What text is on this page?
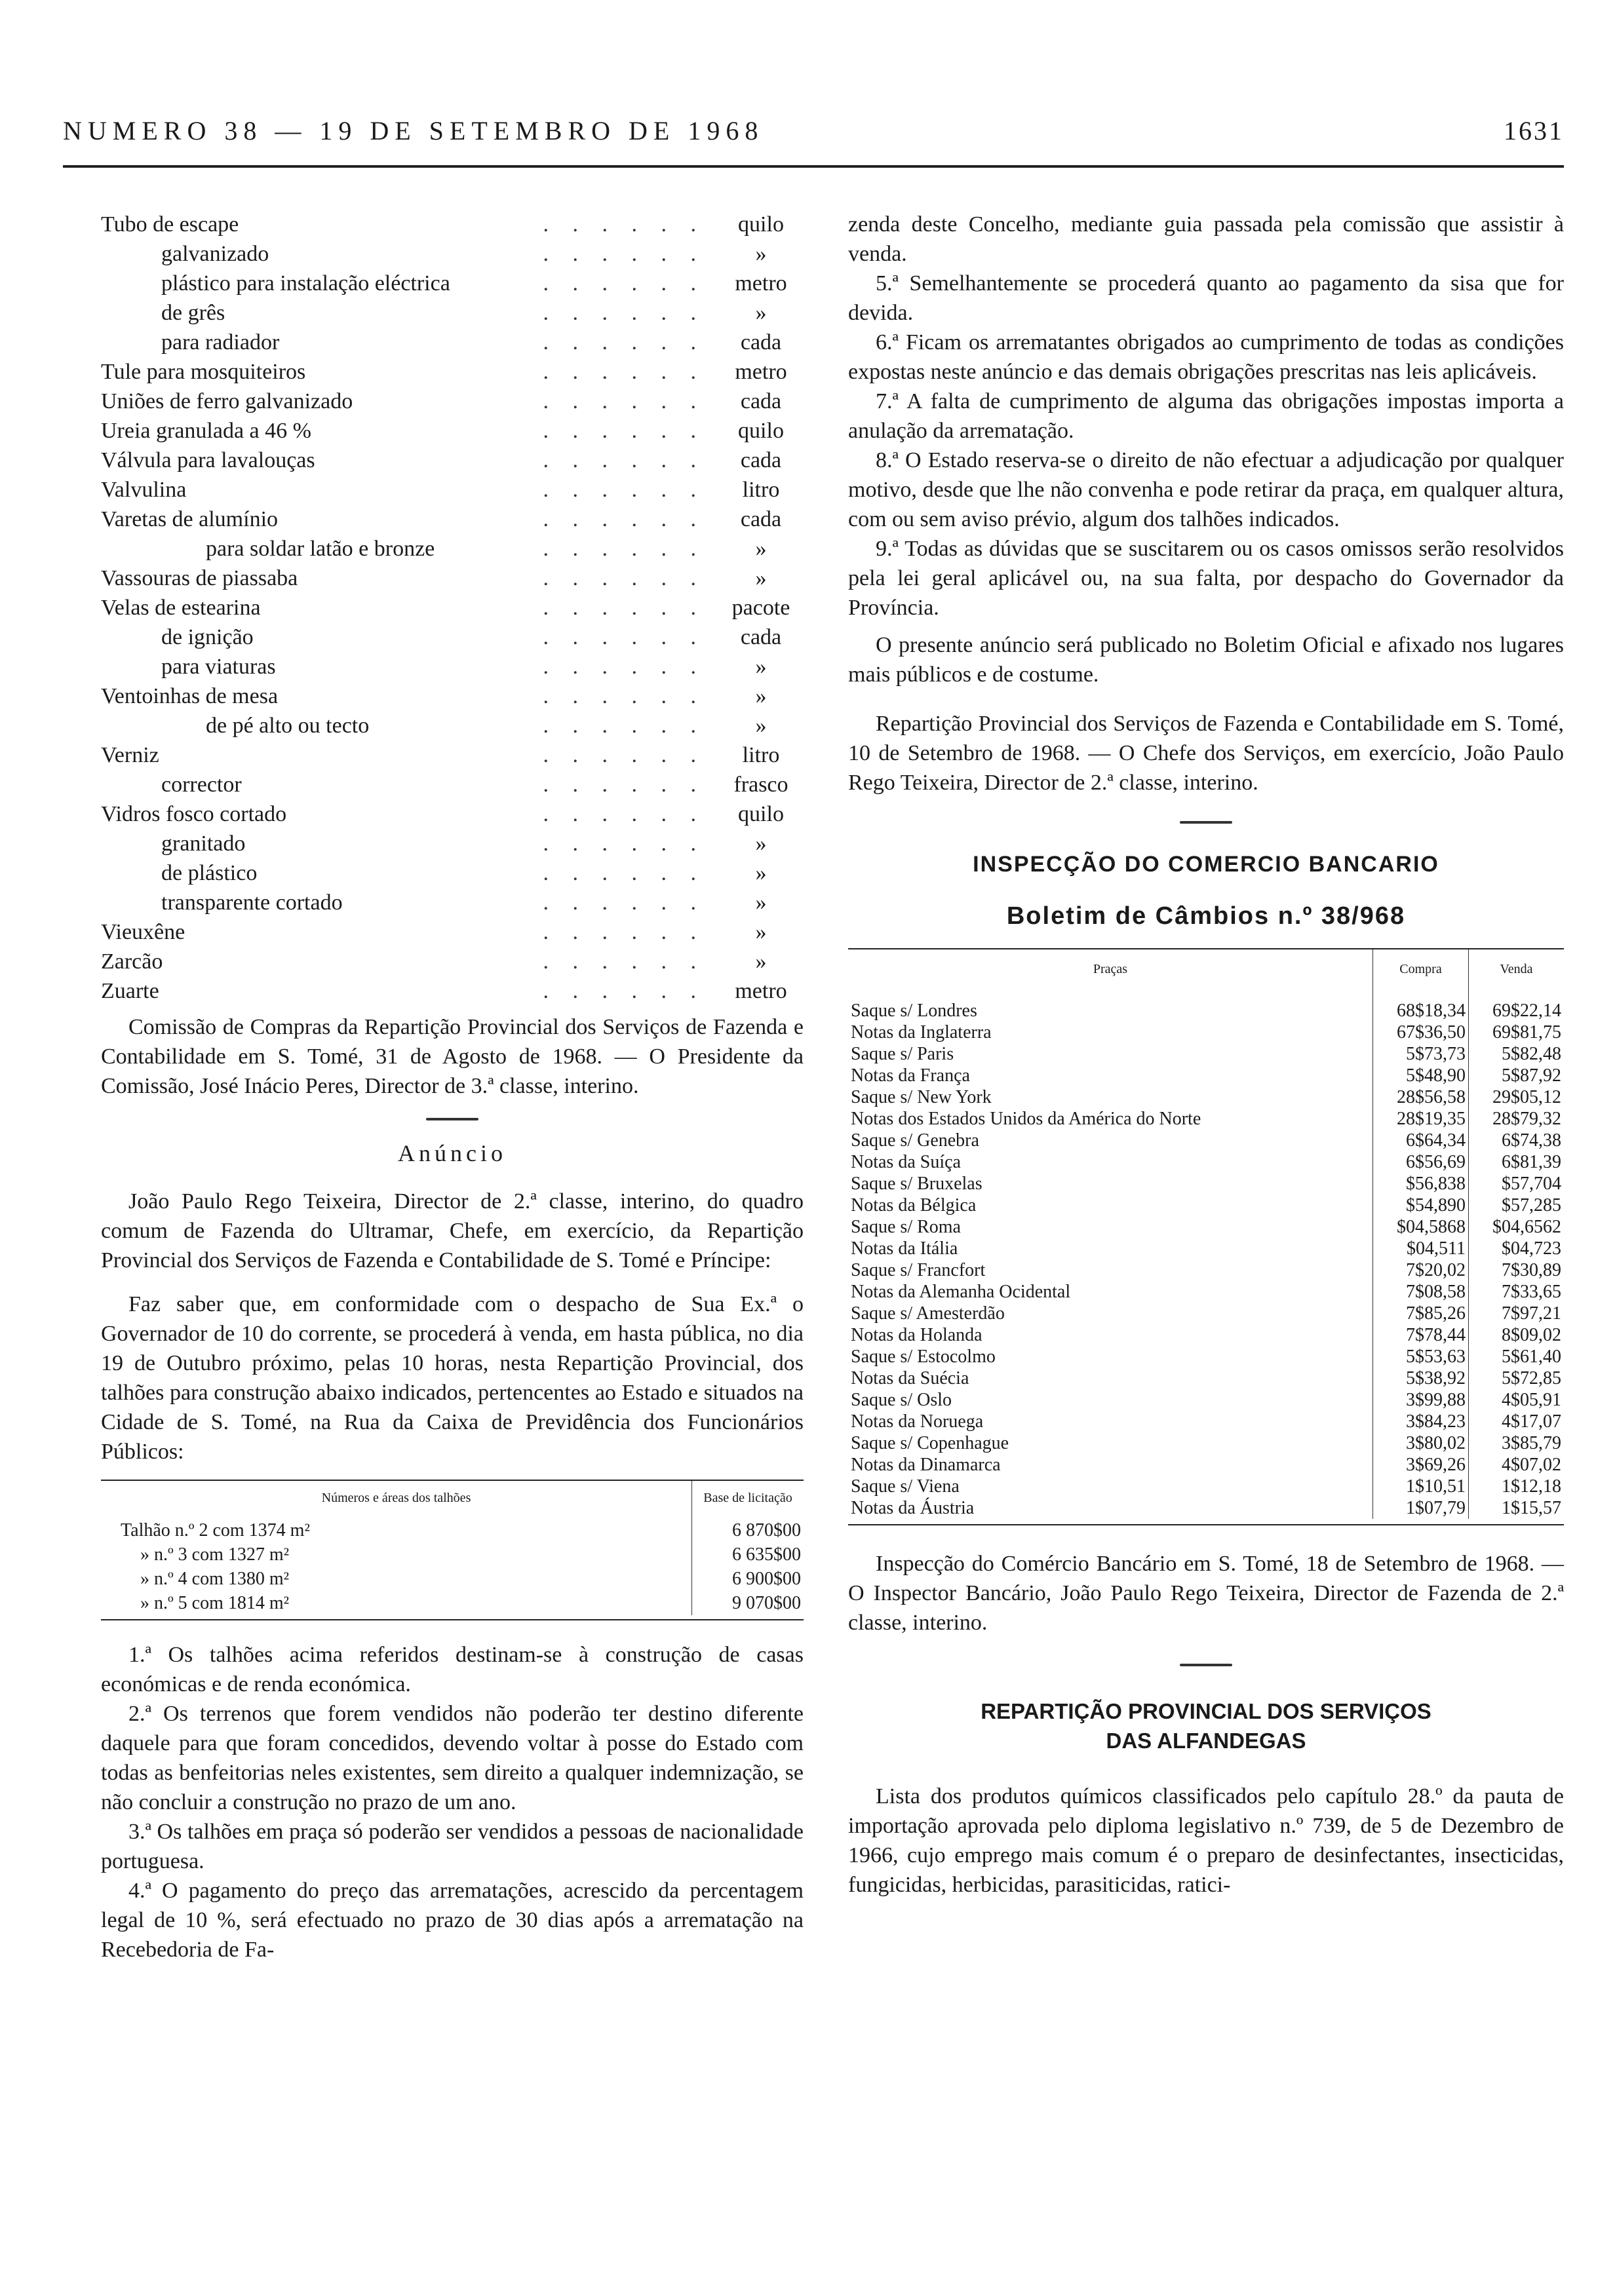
NUMERO 38 — 19 DE SETEMBRO DE 1968	1631
Tubo de escape	. . . . . .	quilo
galvanizado	. . . . . .	»
plástico para instalação eléctrica	. . . . . .	metro
de grês	. . . . . .	»
para radiador	. . . . . .	cada
Tule para mosquiteiros	. . . . . .	metro
Uniões de ferro galvanizado	. . . . . .	cada
Ureia granulada a 46 %	. . . . . .	quilo
Válvula para lavalouças	. . . . . .	cada
Valvulina	. . . . . .	litro
Varetas de alumínio	. . . . . .	cada
para soldar latão e bronze	. . . . . .	»
Vassouras de piassaba	. . . . . .	»
Velas de estearina	. . . . . .	pacote
de ignição	. . . . . .	cada
para viaturas	. . . . . .	»
Ventoinhas de mesa	. . . . . .	»
de pé alto ou tecto	. . . . . .	»
Verniz	. . . . . .	litro
corrector	. . . . . .	frasco
Vidros fosco cortado	. . . . . .	quilo
granitado	. . . . . .	»
de plástico	. . . . . .	»
transparente cortado	. . . . . .	»
Vieuxêne	. . . . . .	»
Zarcão	. . . . . .	»
Zuarte	. . . . . .	metro

Comissão de Compras da Repartição Provincial dos Serviços de Fazenda e Contabilidade em S. Tomé, 31 de Agosto de 1968. — O Presidente da Comissão, José Inácio Peres, Director de 3.ª classe, interino.

Anúncio

João Paulo Rego Teixeira, Director de 2.ª classe, interino, do quadro comum de Fazenda do Ultramar, Chefe, em exercício, da Repartição Provincial dos Serviços de Fazenda e Contabilidade de S. Tomé e Príncipe:

Faz saber que, em conformidade com o despacho de Sua Ex.ª o Governador de 10 do corrente, se procederá à venda, em hasta pública, no dia 19 de Outubro próximo, pelas 10 horas, nesta Repartição Provincial, dos talhões para construção abaixo indicados, pertencentes ao Estado e situados na Cidade de S. Tomé, na Rua da Caixa de Previdência dos Funcionários Públicos:

Números e áreas dos talhões	Base de licitação
Talhão n.º 2 com 1374 m²	6 870$00
» n.º 3 com 1327 m²	6 635$00
» n.º 4 com 1380 m²	6 900$00
» n.º 5 com 1814 m²	9 070$00

1.ª Os talhões acima referidos destinam-se à construção de casas económicas e de renda económica.

2.ª Os terrenos que forem vendidos não poderão ter destino diferente daquele para que foram concedidos, devendo voltar à posse do Estado com todas as benfeitorias neles existentes, sem direito a qualquer indemnização, se não concluir a construção no prazo de um ano.

3.ª Os talhões em praça só poderão ser vendidos a pessoas de nacionalidade portuguesa.

4.ª O pagamento do preço das arrematações, acrescido da percentagem legal de 10 %, será efectuado no prazo de 30 dias após a arrematação na Recebedoria de Fa-

zenda deste Concelho, mediante guia passada pela comissão que assistir à venda.

5.ª Semelhantemente se procederá quanto ao pagamento da sisa que for devida.

6.ª Ficam os arrematantes obrigados ao cumprimento de todas as condições expostas neste anúncio e das demais obrigações prescritas nas leis aplicáveis.

7.ª A falta de cumprimento de alguma das obrigações impostas importa a anulação da arrematação.

8.ª O Estado reserva-se o direito de não efectuar a adjudicação por qualquer motivo, desde que lhe não convenha e pode retirar da praça, em qualquer altura, com ou sem aviso prévio, algum dos talhões indicados.

9.ª Todas as dúvidas que se suscitarem ou os casos omissos serão resolvidos pela lei geral aplicável ou, na sua falta, por despacho do Governador da Província.

O presente anúncio será publicado no Boletim Oficial e afixado nos lugares mais públicos e de costume.

Repartição Provincial dos Serviços de Fazenda e Contabilidade em S. Tomé, 10 de Setembro de 1968. — O Chefe dos Serviços, em exercício, João Paulo Rego Teixeira, Director de 2.ª classe, interino.

INSPECÇÃO DO COMERCIO BANCARIO
Boletim de Câmbios n.º 38/968
Praças	Compra	Venda
Saque s/ Londres	68$18,34	69$22,14
Notas da Inglaterra	67$36,50	69$81,75
Saque s/ Paris	5$73,73	5$82,48
Notas da França	5$48,90	5$87,92
Saque s/ New York	28$56,58	29$05,12
Notas dos Estados Unidos da América do Norte	28$19,35	28$79,32
Saque s/ Genebra	6$64,34	6$74,38
Notas da Suíça	6$56,69	6$81,39
Saque s/ Bruxelas	$56,838	$57,704
Notas da Bélgica	$54,890	$57,285
Saque s/ Roma	$04,5868	$04,6562
Notas da Itália	$04,511	$04,723
Saque s/ Francfort	7$20,02	7$30,89
Notas da Alemanha Ocidental	7$08,58	7$33,65
Saque s/ Amesterdão	7$85,26	7$97,21
Notas da Holanda	7$78,44	8$09,02
Saque s/ Estocolmo	5$53,63	5$61,40
Notas da Suécia	5$38,92	5$72,85
Saque s/ Oslo	3$99,88	4$05,91
Notas da Noruega	3$84,23	4$17,07
Saque s/ Copenhague	3$80,02	3$85,79
Notas da Dinamarca	3$69,26	4$07,02
Saque s/ Viena	1$10,51	1$12,18
Notas da Áustria	1$07,79	1$15,57

Inspecção do Comércio Bancário em S. Tomé, 18 de Setembro de 1968. — O Inspector Bancário, João Paulo Rego Teixeira, Director de Fazenda de 2.ª classe, interino.

REPARTIÇÃO PROVINCIAL DOS SERVIÇOS
DAS ALFANDEGAS

Lista dos produtos químicos classificados pelo capítulo 28.º da pauta de importação aprovada pelo diploma legislativo n.º 739, de 5 de Dezembro de 1966, cujo emprego mais comum é o preparo de desinfectantes, insecticidas, fungicidas, herbicidas, parasiticidas, ratici-
